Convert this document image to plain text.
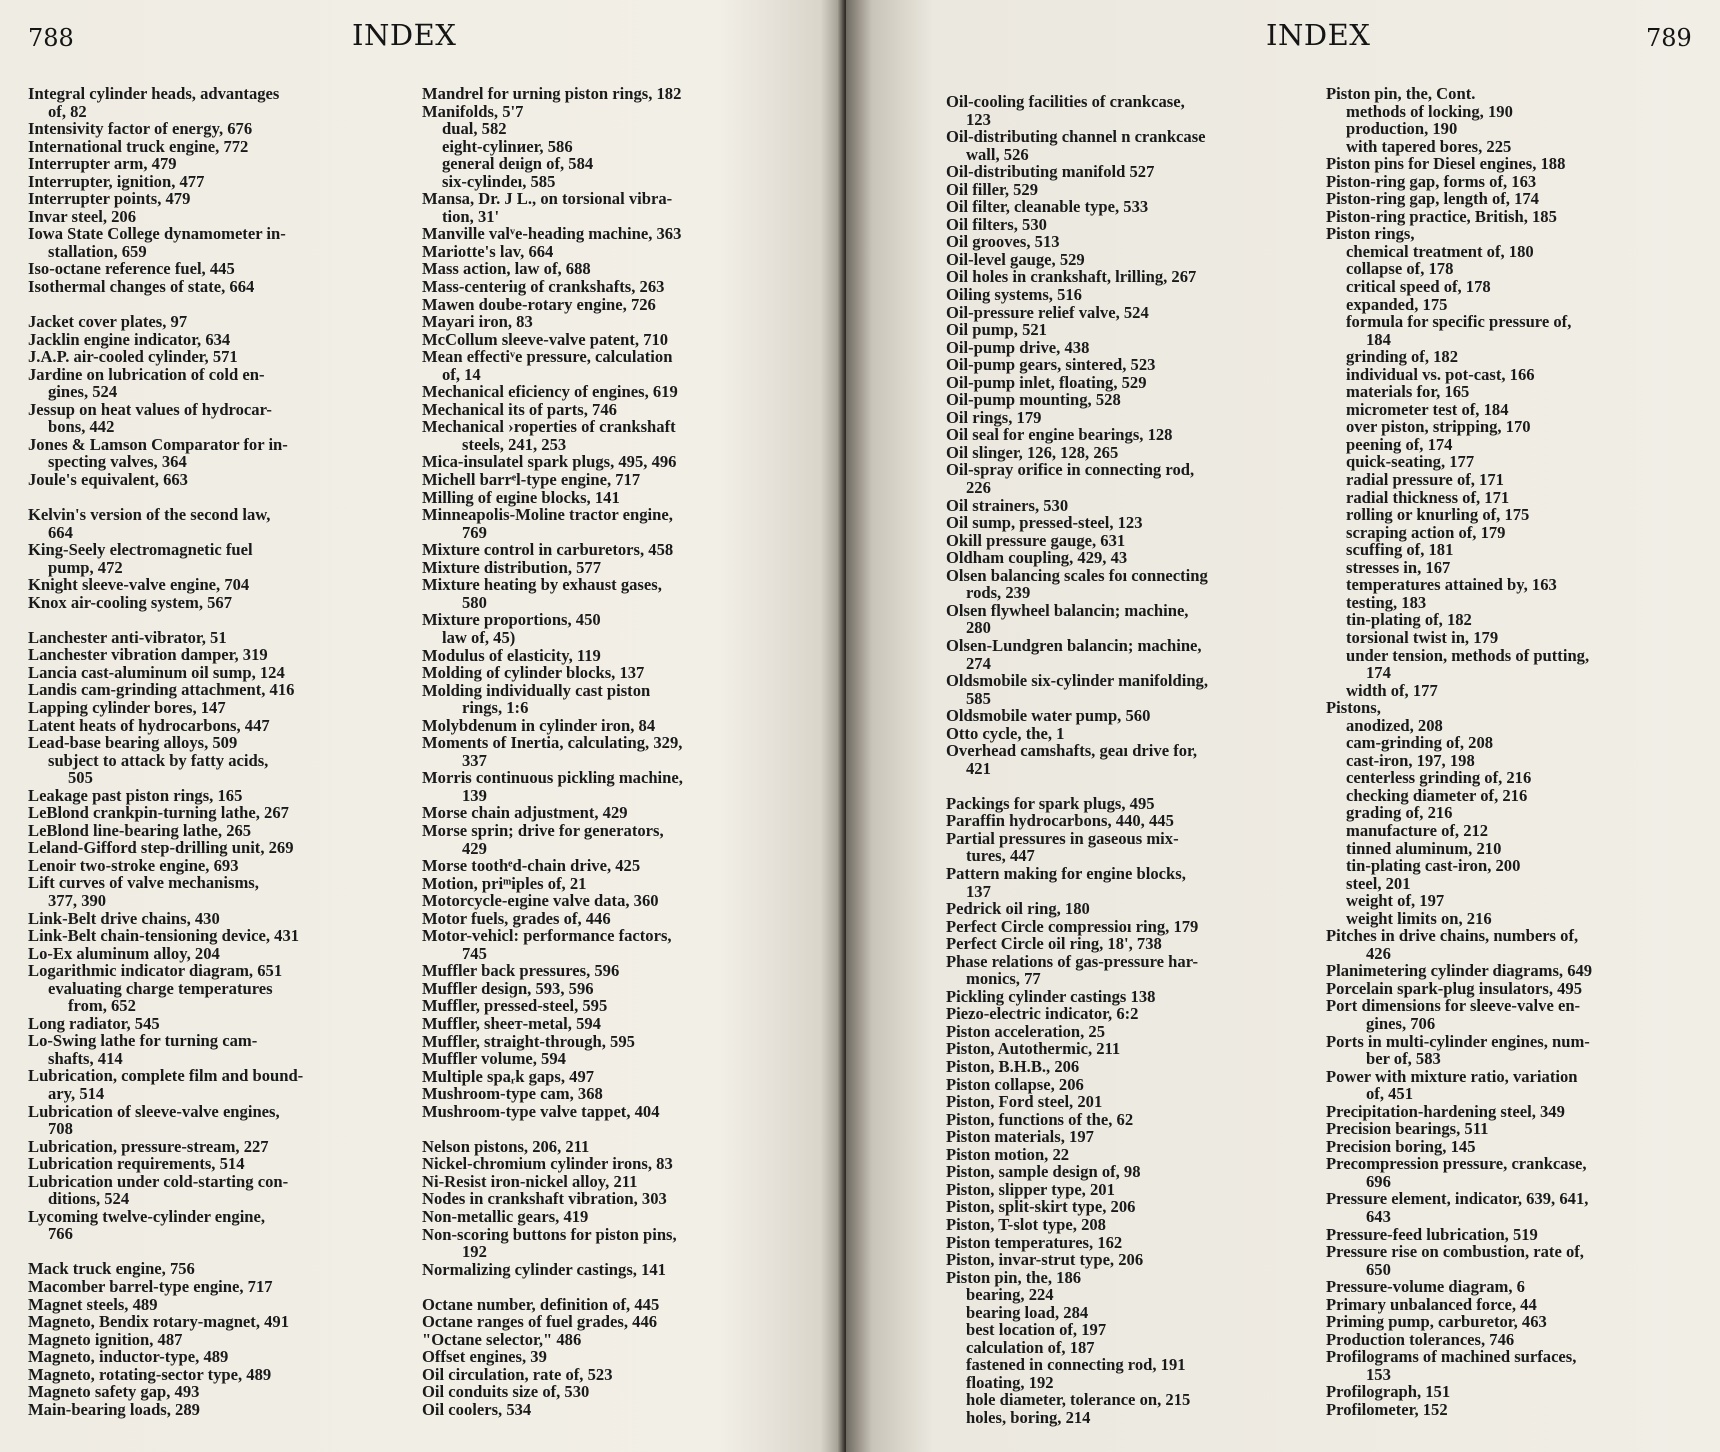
788	INDEX
Integral cylinder heads, advantages
of, 82
Intensivity factor of energy, 676
International truck engine, 772
Interrupter arm, 479
Interrupter, ignition, 477
Interrupter points, 479
Invar steel, 206
Iowa State College dynamometer in-
stallation, 659
Iso-octane reference fuel, 445
Isothermal changes of state, 664
Jacket cover plates, 97
Jacklin engine indicator, 634
J.A.P. air-cooled cylinder, 571
Jardine on lubrication of cold en-
gines, 524
Jessup on heat values of hydrocar-
bons, 442
Jones & Lamson Comparator for in-
specting valves, 364
Joule's equivalent, 663
Kelvin's version of the second law,
664
King-Seely electromagnetic fuel
pump, 472
Knight sleeve-valve engine, 704
Knox air-cooling system, 567
Lanchester anti-vibrator, 51
Lanchester vibration damper, 319
Lancia cast-aluminum oil sump, 124
Landis cam-grinding attachment, 416
Lapping cylinder bores, 147
Latent heats of hydrocarbons, 447
Lead-base bearing alloys, 509
subject to attack by fatty acids,
505
Leakage past piston rings, 165
LeBlond crankpin-turning lathe, 267
LeBlond line-bearing lathe, 265
Leland-Gifford step-drilling unit, 269
Lenoir two-stroke engine, 693
Lift curves of valve mechanisms,
377, 390
Link-Belt drive chains, 430
Link-Belt chain-tensioning device, 431
Lo-Ex aluminum alloy, 204
Logarithmic indicator diagram, 651
evaluating charge temperatures
from, 652
Long radiator, 545
Lo-Swing lathe for turning cam-
shafts, 414
Lubrication, complete film and bound-
ary, 514
Lubrication of sleeve-valve engines,
708
Lubrication, pressure-stream, 227
Lubrication requirements, 514
Lubrication under cold-starting con-
ditions, 524
Lycoming twelve-cylinder engine,
766
Mack truck engine, 756
Macomber barrel-type engine, 717
Magnet steels, 489
Magneto, Bendix rotary-magnet, 491
Magneto ignition, 487
Magneto, inductor-type, 489
Magneto, rotating-sector type, 489
Magneto safety gap, 493
Main-bearing loads, 289
Mandrel for urning piston rings, 182
Manifolds, 5'7
dual, 582
eight-cylinᴎer, 586
general deıign of, 584
six-cylindeı, 585
Mansa, Dr. J L., on torsional vibra-
tion, 31'
Manville valᵛe-heading machine, 363
Mariotte's lav, 664
Mass action, law of, 688
Mass-centeriıg of crankshafts, 263
Mawen doube-rotary engine, 726
Mayari iron, 83
McCollum sleeve-valve patent, 710
Mean effectiᵛe pressure, calculation
of, 14
Mechanical eficiency of engines, 619
Mechanical its of parts, 746
Mechanical ›roperties of crankshaft
steels, 241, 253
Mica-insulatel spark plugs, 495, 496
Michell barrᵉl-type engine, 717
Milling of eıgine blocks, 141
Minneapolis-Moline tractor engine,
769
Mixture control in carburetors, 458
Mixture distribution, 577
Mixture heating by exhaust gases,
580
Mixture proportions, 450
law of, 45)
Modulus of elasticity, 119
Molding of cylinder blocks, 137
Molding individually cast piston
rings, 1:6
Molybdenum in cylinder iron, 84
Moments of Inertia, calculating, 329,
337
Morris continuous pickling machine,
139
Morse chain adjustment, 429
Morse sprin; drive for generators,
429
Morse toothᵉd-chain drive, 425
Motion, priᵐiples of, 21
Motorcycle-eıgine valve data, 360
Motor fuels, grades of, 446
Motor-vehicl: performance factors,
745
Muffler back pressures, 596
Muffler desiɡn, 593, 596
Muffler, pressed-steel, 595
Muffler, sheeᴛ-metal, 594
Muffler, straight-through, 595
Muffler volume, 594
Multiple spaᵣk gaps, 497
Mushroom-type cam, 368
Mushroom-type valve tappet, 404
Nelson pistons, 206, 211
Nickel-chromium cylinder irons, 83
Ni-Resist iron-nickel alloy, 211
Nodes in crankshaft vibration, 303
Non-metallic gears, 419
Non-scoring buttons for piston pins,
192
Normalizing cylinder castings, 141
Octane number, definition of, 445
Octane ranges of fuel grades, 446
"Octane selector," 486
Offset engines, 39
Oil circulation, rate of, 523
Oil conduits size of, 530
Oil coolers, 534
INDEX	789
Oil-cooling facilities of crankcase,
123
Oil-distributing channel n crankcase
wall, 526
Oil-distributing manifold 527
Oil filler, 529
Oil filter, cleanable type, 533
Oil filters, 530
Oil grooves, 513
Oil-level gauge, 529
Oil holes in crankshaft, lrilling, 267
Oiling systems, 516
Oil-pressure relief valve, 524
Oil pump, 521
Oil-pump drive, 438
Oil-pump gears, sintered, 523
Oil-pump inlet, floating, 529
Oil-pump mounting, 528
Oil rings, 179
Oil seal for engine bearings, 128
Oil slinger, 126, 128, 265
Oil-spray orifice in connecting rod,
226
Oil strainers, 530
Oil sump, pressed-steel, 123
Okill pressure gauge, 631
Oldham coupling, 429, 43
Olsen balancing scales foı connecting
rods, 239
Olsen flywheel balancin; machine,
280
Olsen-Lundgren balancin; machine,
274
Oldsmobile six-cylinder manifolding,
585
Oldsmobile water pump, 560
Otto cycle, the, 1
Overhead camshafts, geaı drive for,
421
Packings for spark plugs, 495
Paraffin hydrocarbons, 440, 445
Partial pressures in gaseous mix-
tures, 447
Pattern making for engine blocks,
137
Pedrick oil ring, 180
Perfect Circle compressioı ring, 179
Perfect Circle oil ring, 18', 738
Phase relations of gas-pressure har-
monics, 77
Pickling cylinder castings 138
Piezo-electric indicator, 6:2
Piston acceleration, 25
Piston, Autothermic, 211
Piston, B.H.B., 206
Piston collapse, 206
Piston, Ford steel, 201
Piston, functions of the, 62
Piston materials, 197
Piston motion, 22
Piston, sample design of, 98
Piston, slipper type, 201
Piston, split-skirt type, 206
Piston, T-slot type, 208
Piston temperatures, 162
Piston, invar-strut type, 206
Piston pin, the, 186
bearing, 224
bearing load, 284
best location of, 197
calculation of, 187
fastened in connecting rod, 191
floating, 192
hole diameter, tolerance on, 215
holes, boring, 214
Piston pin, the, Cont.
methods of locking, 190
production, 190
with tapered bores, 225
Piston pins for Diesel engines, 188
Piston-ring gap, forms of, 163
Piston-ring gap, length of, 174
Piston-ring practice, British, 185
Piston rings,
chemical treatment of, 180
collapse of, 178
critical speed of, 178
expanded, 175
formula for specific pressure of,
184
grinding of, 182
individual vs. pot-cast, 166
materials for, 165
micrometer test of, 184
over piston, stripping, 170
peening of, 174
quick-seating, 177
radial pressure of, 171
radial thickness of, 171
rolling or knurling of, 175
scraping action of, 179
scuffing of, 181
stresses in, 167
temperatures attained by, 163
testing, 183
tin-plating of, 182
torsional twist in, 179
under tension, methods of putting,
174
width of, 177
Pistons,
anodized, 208
cam-grinding of, 208
cast-iron, 197, 198
centerless grinding of, 216
checking diameter of, 216
grading of, 216
manufacture of, 212
tinned aluminum, 210
tin-plating cast-iron, 200
steel, 201
weight of, 197
weight limits on, 216
Pitches in drive chains, numbers of,
426
Planimetering cylinder diagrams, 649
Porcelain spark-plug insulators, 495
Port dimensions for sleeve-valve en-
gines, 706
Ports in multi-cylinder engines, num-
ber of, 583
Power with mixture ratio, variation
of, 451
Precipitation-hardening steel, 349
Precision bearings, 511
Precision boring, 145
Precompression pressure, crankcase,
696
Pressure element, indicator, 639, 641,
643
Pressure-feed lubrication, 519
Pressure rise on combustion, rate of,
650
Pressure-volume diagram, 6
Primary unbalanced force, 44
Priming pump, carburetor, 463
Production tolerances, 746
Profilograms of machined surfaces,
153
Profilograph, 151
Profilometer, 152
